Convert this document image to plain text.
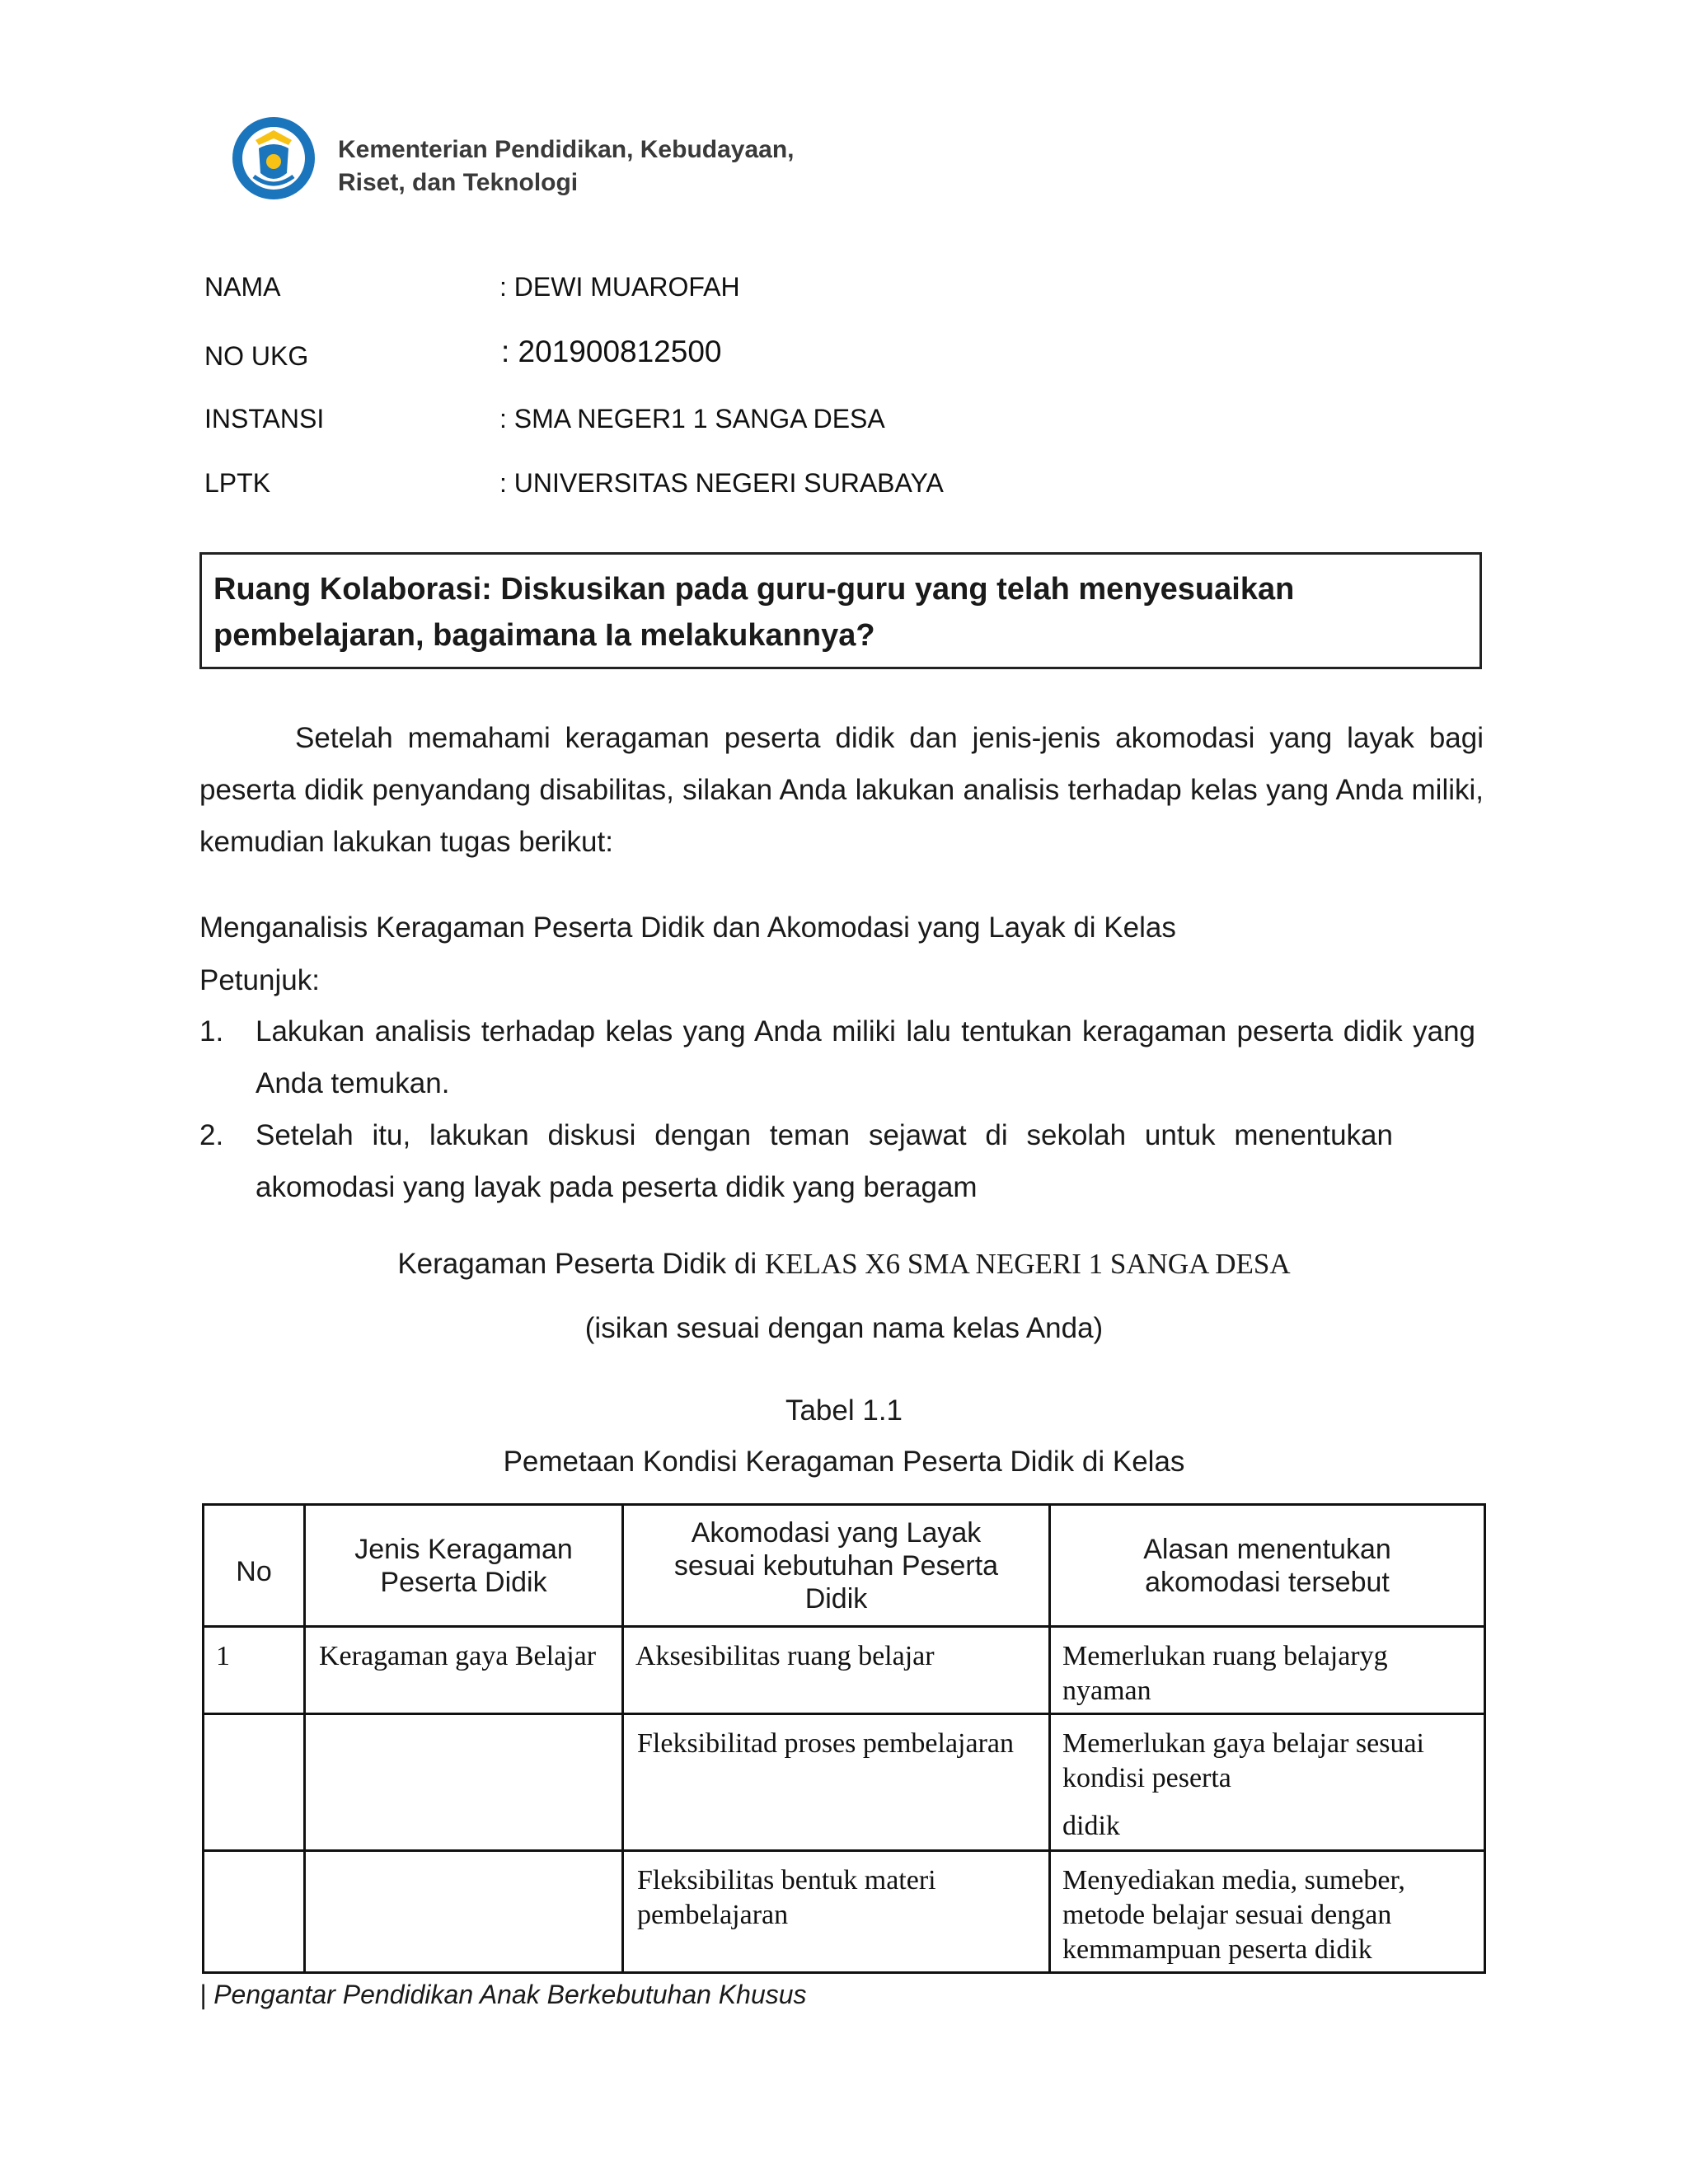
Kementerian Pendidikan, Kebudayaan,
Riset, dan Teknologi
NAMA	: DEWI MUAROFAH
NO UKG	: 201900812500
INSTANSI	: SMA NEGER1 1 SANGA DESA
LPTK	: UNIVERSITAS NEGERI SURABAYA
Ruang Kolaborasi: Diskusikan pada guru-guru yang telah menyesuaikan
pembelajaran, bagaimana Ia melakukannya?
Setelah memahami keragaman peserta didik dan jenis-jenis akomodasi yang layak bagi peserta didik penyandang disabilitas, silakan Anda lakukan analisis terhadap kelas yang Anda miliki, kemudian lakukan tugas berikut:
Menganalisis Keragaman Peserta Didik dan Akomodasi yang Layak di Kelas
Petunjuk:
1. Lakukan analisis terhadap kelas yang Anda miliki lalu tentukan keragaman peserta didik yang Anda temukan.
2. Setelah itu, lakukan diskusi dengan teman sejawat di sekolah untuk menentukan akomodasi yang layak pada peserta didik yang beragam
Keragaman Peserta Didik di KELAS X6 SMA NEGERI 1 SANGA DESA
(isikan sesuai dengan nama kelas Anda)
Tabel 1.1
Pemetaan Kondisi Keragaman Peserta Didik di Kelas
No	Jenis Keragaman Peserta Didik	Akomodasi yang Layak sesuai kebutuhan Peserta Didik	Alasan menentukan akomodasi tersebut

1	Keragaman gaya Belajar	Aksesibilitas ruang belajar	Memerlukan ruang belajaryg nyaman
		Fleksibilitad proses pembelajaran	Memerlukan gaya belajar sesuai kondisi peserta
didik

		Fleksibilitas bentuk materi pembelajaran	Menyediakan media, sumeber, metode belajar sesuai dengan kemmampuan peserta didik
| Pengantar Pendidikan Anak Berkebutuhan Khusus
